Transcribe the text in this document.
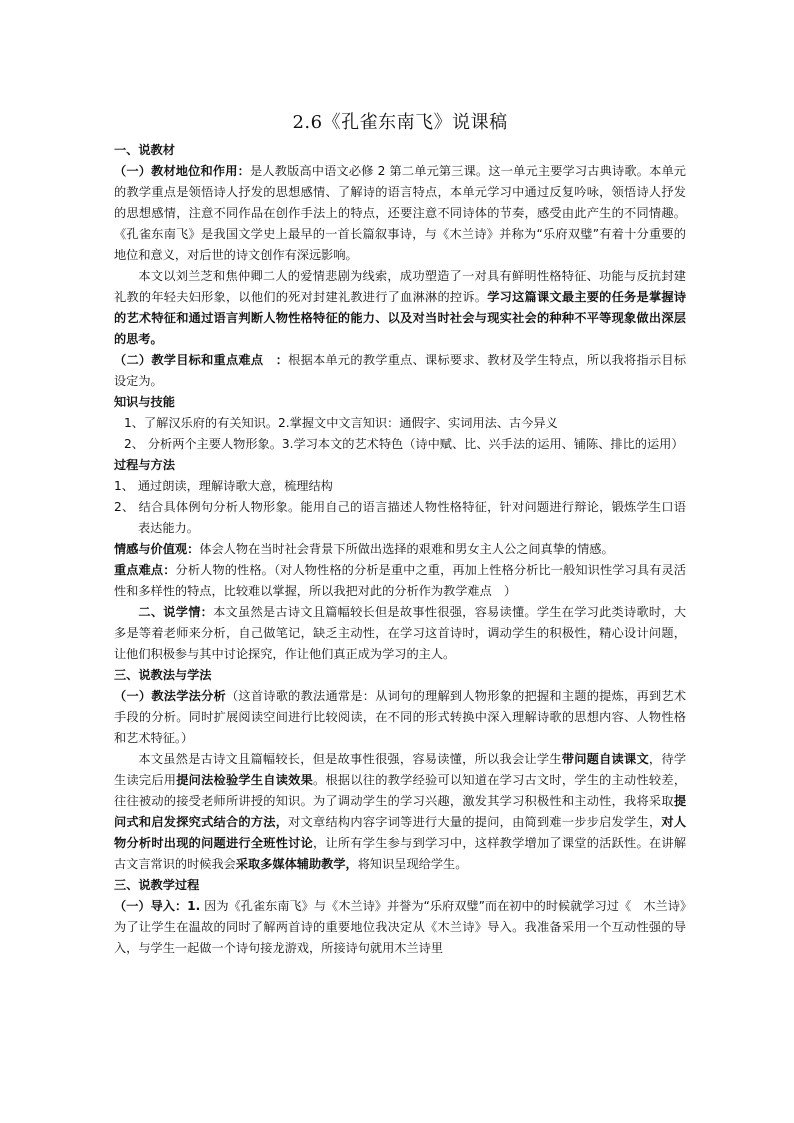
2.6《孔雀东南飞》说课稿

一、说教材

（一）教材地位和作用：是人教版高中语文必修 2 第二单元第三课。这一单元主要学习古典诗歌。本单元的教学重点是领悟诗人抒发的思想感情、了解诗的语言特点，本单元学习中通过反复吟咏，领悟诗人抒发的思想感情，注意不同作品在创作手法上的特点，还要注意不同诗体的节奏，感受由此产生的不同情趣。《孔雀东南飞》是我国文学史上最早的一首长篇叙事诗，与《木兰诗》并称为“乐府双璧”有着十分重要的地位和意义，对后世的诗文创作有深远影响。

本文以刘兰芝和焦仲卿二人的爱情悲剧为线索，成功塑造了一对具有鲜明性格特征、功能与反抗封建礼教的年轻夫妇形象，以他们的死对封建礼教进行了血淋淋的控诉。学习这篇课文最主要的任务是掌握诗的艺术特征和通过语言判断人物性格特征的能力、以及对当时社会与现实社会的种种不平等现象做出深层的思考。

（二）教学目标和重点难点　：根据本单元的教学重点、课标要求、教材及学生特点，所以我将指示目标设定为。

知识与技能

1、了解汉乐府的有关知识。2.掌握文中文言知识：通假字、实词用法、古今异义

2、 分析两个主要人物形象。3.学习本文的艺术特色（诗中赋、比、兴手法的运用、铺陈、排比的运用）

过程与方法

1、 通过朗读，理解诗歌大意，梳理结构

2、 结合具体例句分析人物形象。能用自己的语言描述人物性格特征，针对问题进行辩论，锻炼学生口语表达能力。

情感与价值观：体会人物在当时社会背景下所做出选择的艰难和男女主人公之间真挚的情感。

重点难点：分析人物的性格。（对人物性格的分析是重中之重，再加上性格分析比一般知识性学习具有灵活性和多样性的特点，比较难以掌握，所以我把对此的分析作为教学难点　）

二、说学情：本文虽然是古诗文且篇幅较长但是故事性很强，容易读懂。学生在学习此类诗歌时，大多是等着老师来分析，自己做笔记，缺乏主动性，在学习这首诗时，调动学生的积极性，精心设计问题，让他们积极参与其中讨论探究，作让他们真正成为学习的主人。

三、说教法与学法

（一）教法学法分析（这首诗歌的教法通常是：从词句的理解到人物形象的把握和主题的提炼，再到艺术手段的分析。同时扩展阅读空间进行比较阅读，在不同的形式转换中深入理解诗歌的思想内容、人物性格和艺术特征。）

本文虽然是古诗文且篇幅较长，但是故事性很强，容易读懂，所以我会让学生带问题自读课文，待学生读完后用提问法检验学生自读效果。根据以往的教学经验可以知道在学习古文时，学生的主动性较差，往往被动的接受老师所讲授的知识。为了调动学生的学习兴趣，激发其学习积极性和主动性，我将采取提问式和启发探究式结合的方法，对文章结构内容字词等进行大量的提问，由简到难一步步启发学生，对人物分析时出现的问题进行全班性讨论，让所有学生参与到学习中，这样教学增加了课堂的活跃性。在讲解古文言常识的时候我会采取多媒体辅助教学，将知识呈现给学生。

三、说教学过程

（一）导入：1. 因为《孔雀东南飞》与《木兰诗》并誉为“乐府双璧”而在初中的时候就学习过《　木兰诗》为了让学生在温故的同时了解两首诗的重要地位我决定从《木兰诗》导入。我准备采用一个互动性强的导入，与学生一起做一个诗句接龙游戏，所接诗句就用木兰诗里
